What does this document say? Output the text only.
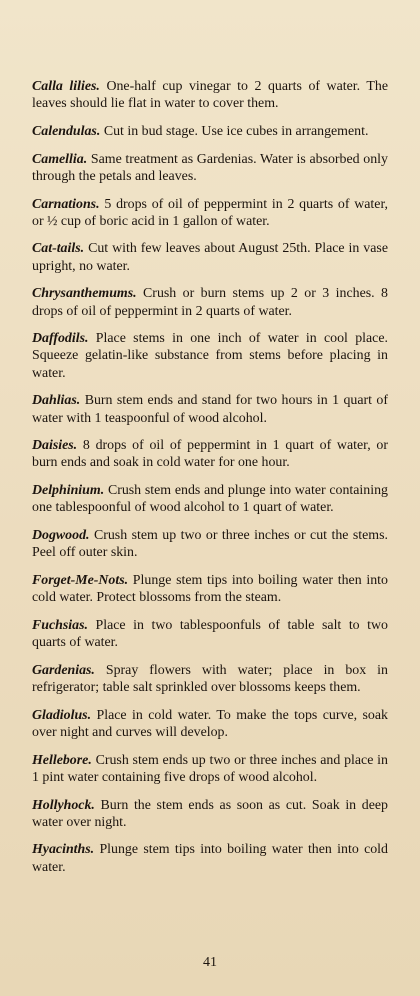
Calla lilies. One-half cup vinegar to 2 quarts of water. The leaves should lie flat in water to cover them.

Calendulas. Cut in bud stage. Use ice cubes in arrangement.

Camellia. Same treatment as Gardenias. Water is absorbed only through the petals and leaves.

Carnations. 5 drops of oil of peppermint in 2 quarts of water, or ½ cup of boric acid in 1 gallon of water.

Cat-tails. Cut with few leaves about August 25th. Place in vase upright, no water.

Chrysanthemums. Crush or burn stems up 2 or 3 inches. 8 drops of oil of peppermint in 2 quarts of water.

Daffodils. Place stems in one inch of water in cool place. Squeeze gelatin-like substance from stems before placing in water.

Dahlias. Burn stem ends and stand for two hours in 1 quart of water with 1 teaspoonful of wood alcohol.

Daisies. 8 drops of oil of peppermint in 1 quart of water, or burn ends and soak in cold water for one hour.

Delphinium. Crush stem ends and plunge into water containing one tablespoonful of wood alcohol to 1 quart of water.

Dogwood. Crush stem up two or three inches or cut the stems. Peel off outer skin.

Forget-Me-Nots. Plunge stem tips into boiling water then into cold water. Protect blossoms from the steam.

Fuchsias. Place in two tablespoonfuls of table salt to two quarts of water.

Gardenias. Spray flowers with water; place in box in refrigerator; table salt sprinkled over blossoms keeps them.

Gladiolus. Place in cold water. To make the tops curve, soak over night and curves will develop.

Hellebore. Crush stem ends up two or three inches and place in 1 pint water containing five drops of wood alcohol.

Hollyhock. Burn the stem ends as soon as cut. Soak in deep water over night.

Hyacinths. Plunge stem tips into boiling water then into cold water.

41
